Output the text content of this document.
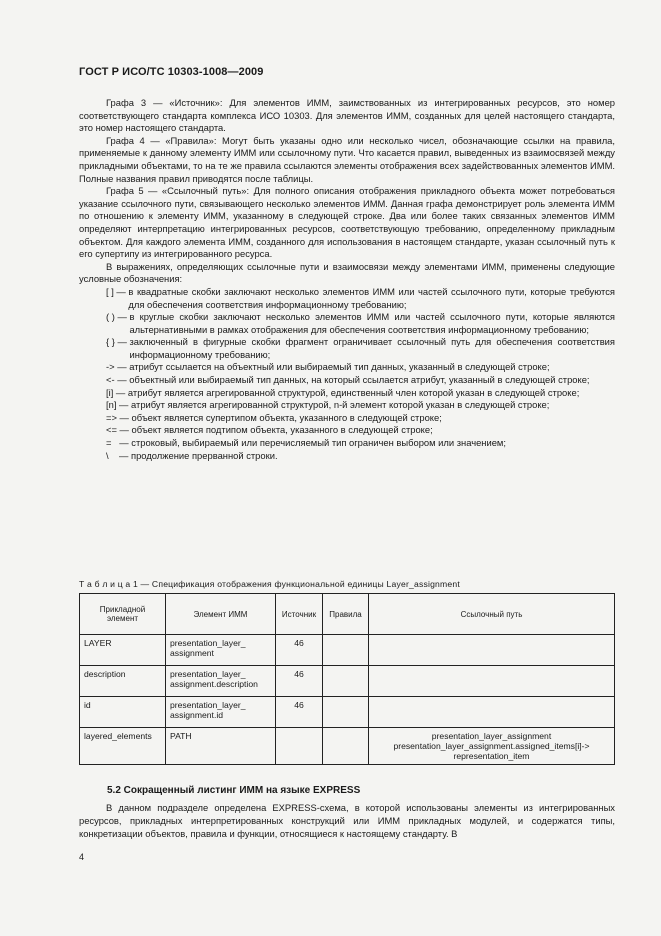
ГОСТ Р ИСО/ТС 10303-1008—2009

Графа 3 — «Источник»: Для элементов ИММ, заимствованных из интегрированных ресурсов, это номер соответствующего стандарта комплекса ИСО 10303. Для элементов ИММ, созданных для целей настоящего стандарта, это номер настоящего стандарта.

Графа 4 — «Правила»: Могут быть указаны одно или несколько чисел, обозначающие ссылки на правила, применяемые к данному элементу ИММ или ссылочному пути. Что касается правил, выведенных из взаимосвязей между прикладными объектами, то на те же правила ссылаются элементы отображения всех задействованных элементов ИММ. Полные названия правил приводятся после таблицы.

Графа 5 — «Ссылочный путь»: Для полного описания отображения прикладного объекта может потребоваться указание ссылочного пути, связывающего несколько элементов ИММ. Данная графа демонстрирует роль элемента ИММ по отношению к элементу ИММ, указанному в следующей строке. Два или более таких связанных элементов ИММ определяют интерпретацию интегрированных ресурсов, соответствующую требованию, определенному прикладным объектом. Для каждого элемента ИММ, созданного для использования в настоящем стандарте, указан ссылочный путь к его супертипу из интегрированного ресурса.

В выражениях, определяющих ссылочные пути и взаимосвязи между элементами ИММ, применены следующие условные обозначения:

[ ] — в квадратные скобки заключают несколько элементов ИММ или частей ссылочного пути, которые требуются для обеспечения соответствия информационному требованию;
( ) — в круглые скобки заключают несколько элементов ИММ или частей ссылочного пути, которые являются альтернативными в рамках отображения для обеспечения соответствия информационному требованию;
{ } — заключенный в фигурные скобки фрагмент ограничивает ссылочный путь для обеспечения соответствия информационному требованию;
-> — атрибут ссылается на объектный или выбираемый тип данных, указанный в следующей строке;
<- — объектный или выбираемый тип данных, на который ссылается атрибут, указанный в следующей строке;
[i] — атрибут является агрегированной структурой, единственный член которой указан в следующей строке;
[n] — атрибут является агрегированной структурой, n-й элемент которой указан в следующей строке;
=> — объект является супертипом объекта, указанного в следующей строке;
<= — объект является подтипом объекта, указанного в следующей строке;
=   — строковый, выбираемый или перечисляемый тип ограничен выбором или значением;
\    — продолжение прерванной строки.
Т а б л и ц а 1 — Спецификация отображения функциональной единицы Layer_assignment
Прикладной элемент	Элемент ИММ	Источник	Правила	Ссылочный путь
LAYER	presentation_layer_ assignment	46		
description	presentation_layer_ assignment.description	46		
id	presentation_layer_ assignment.id	46		
layered_elements	PATH			presentation_layer_assignment presentation_layer_assignment.assigned_items[i]-> representation_item
5.2 Сокращенный листинг ИММ на языке EXPRESS

В данном подразделе определена EXPRESS-схема, в которой использованы элементы из интегрированных ресурсов, прикладных интерпретированных конструкций или ИММ прикладных модулей, и содержатся типы, конкретизации объектов, правила и функции, относящиеся к настоящему стандарту. В

4
